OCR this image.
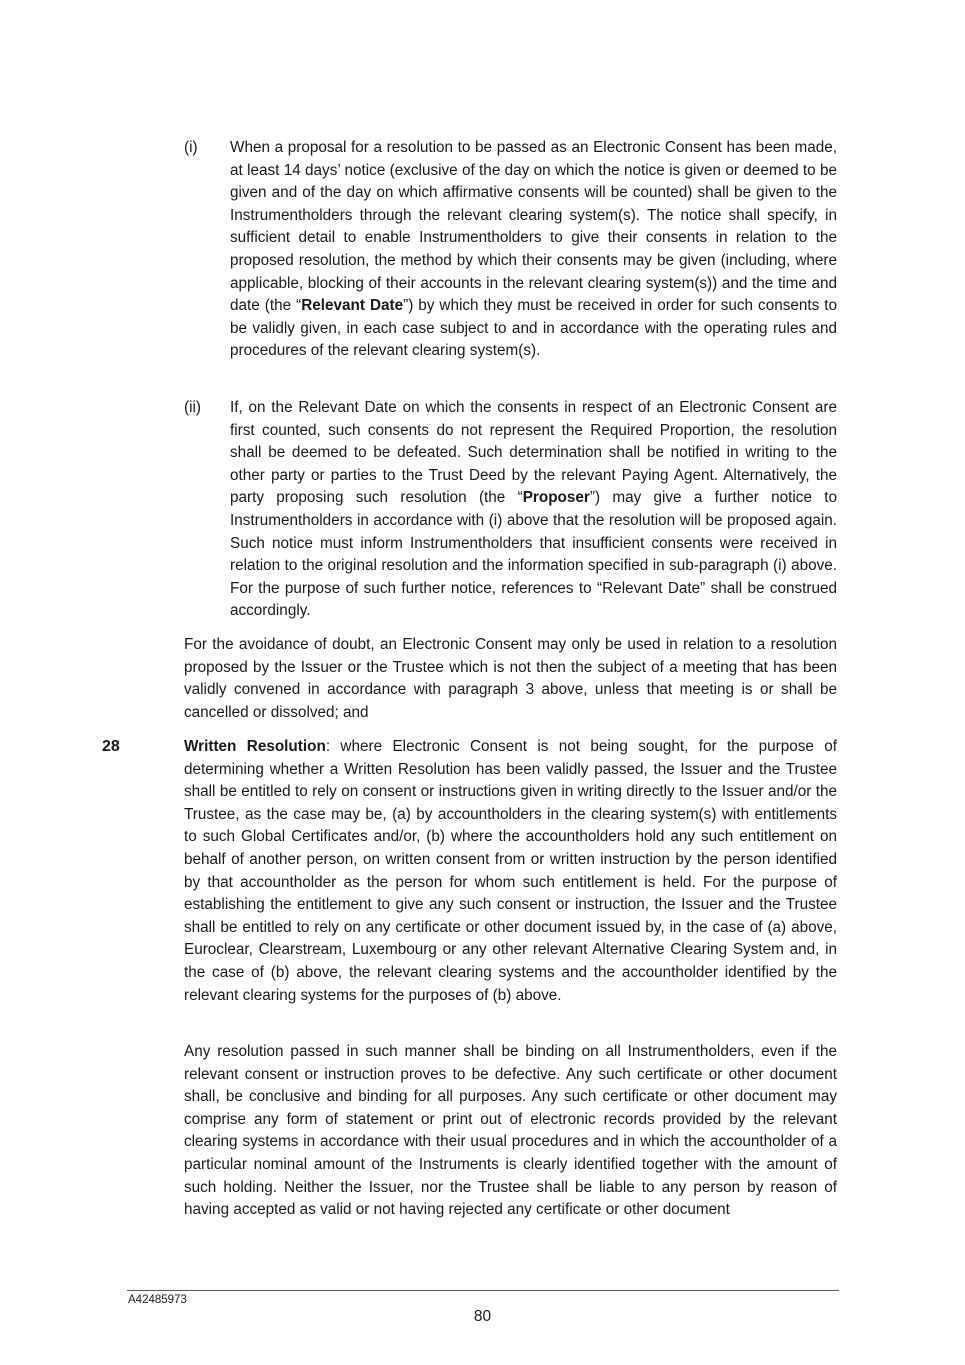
(i) When a proposal for a resolution to be passed as an Electronic Consent has been made, at least 14 days’ notice (exclusive of the day on which the notice is given or deemed to be given and of the day on which affirmative consents will be counted) shall be given to the Instrumentholders through the relevant clearing system(s). The notice shall specify, in sufficient detail to enable Instrumentholders to give their consents in relation to the proposed resolution, the method by which their consents may be given (including, where applicable, blocking of their accounts in the relevant clearing system(s)) and the time and date (the “Relevant Date”) by which they must be received in order for such consents to be validly given, in each case subject to and in accordance with the operating rules and procedures of the relevant clearing system(s).
(ii) If, on the Relevant Date on which the consents in respect of an Electronic Consent are first counted, such consents do not represent the Required Proportion, the resolution shall be deemed to be defeated. Such determination shall be notified in writing to the other party or parties to the Trust Deed by the relevant Paying Agent. Alternatively, the party proposing such resolution (the “Proposer”) may give a further notice to Instrumentholders in accordance with (i) above that the resolution will be proposed again. Such notice must inform Instrumentholders that insufficient consents were received in relation to the original resolution and the information specified in sub-paragraph (i) above. For the purpose of such further notice, references to “Relevant Date” shall be construed accordingly.
For the avoidance of doubt, an Electronic Consent may only be used in relation to a resolution proposed by the Issuer or the Trustee which is not then the subject of a meeting that has been validly convened in accordance with paragraph 3 above, unless that meeting is or shall be cancelled or dissolved; and
28	Written Resolution: where Electronic Consent is not being sought, for the purpose of determining whether a Written Resolution has been validly passed, the Issuer and the Trustee shall be entitled to rely on consent or instructions given in writing directly to the Issuer and/or the Trustee, as the case may be, (a) by accountholders in the clearing system(s) with entitlements to such Global Certificates and/or, (b) where the accountholders hold any such entitlement on behalf of another person, on written consent from or written instruction by the person identified by that accountholder as the person for whom such entitlement is held. For the purpose of establishing the entitlement to give any such consent or instruction, the Issuer and the Trustee shall be entitled to rely on any certificate or other document issued by, in the case of (a) above, Euroclear, Clearstream, Luxembourg or any other relevant Alternative Clearing System and, in the case of (b) above, the relevant clearing systems and the accountholder identified by the relevant clearing systems for the purposes of (b) above.
Any resolution passed in such manner shall be binding on all Instrumentholders, even if the relevant consent or instruction proves to be defective. Any such certificate or other document shall, be conclusive and binding for all purposes. Any such certificate or other document may comprise any form of statement or print out of electronic records provided by the relevant clearing systems in accordance with their usual procedures and in which the accountholder of a particular nominal amount of the Instruments is clearly identified together with the amount of such holding. Neither the Issuer, nor the Trustee shall be liable to any person by reason of having accepted as valid or not having rejected any certificate or other document
A42485973
80
